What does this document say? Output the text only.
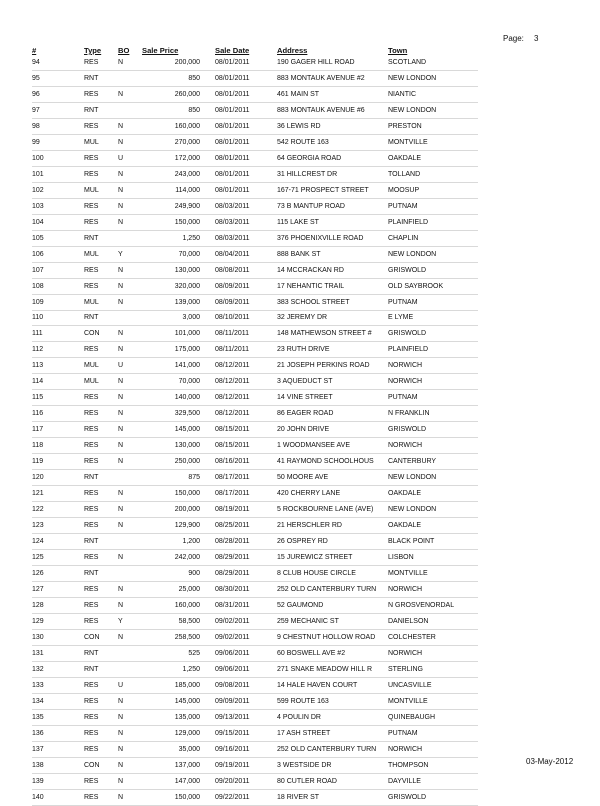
Page: 3
#	Type	BO	Sale Price		Sale Date		Address	Town
94	RES	N	200,000		08/01/2011		190 GAGER HILL ROAD	SCOTLAND
95	RNT		850		08/01/2011		883 MONTAUK AVENUE #2	NEW LONDON
96	RES	N	260,000		08/01/2011		461 MAIN ST	NIANTIC
97	RNT		850		08/01/2011		883 MONTAUK AVENUE #6	NEW LONDON
98	RES	N	160,000		08/01/2011		36 LEWIS RD	PRESTON
99	MUL	N	270,000		08/01/2011		542 ROUTE 163	MONTVILLE
100	RES	U	172,000		08/01/2011		64 GEORGIA ROAD	OAKDALE
101	RES	N	243,000		08/01/2011		31 HILLCREST DR	TOLLAND
102	MUL	N	114,000		08/01/2011		167-71 PROSPECT STREET	MOOSUP
103	RES	N	249,900		08/03/2011		73 B MANTUP ROAD	PUTNAM
104	RES	N	150,000		08/03/2011		115 LAKE ST	PLAINFIELD
105	RNT		1,250		08/03/2011		376 PHOENIXVILLE ROAD	CHAPLIN
106	MUL	Y	70,000		08/04/2011		888 BANK ST	NEW LONDON
107	RES	N	130,000		08/08/2011		14 MCCRACKAN RD	GRISWOLD
108	RES	N	320,000		08/09/2011		17 NEHANTIC TRAIL	OLD SAYBROOK
109	MUL	N	139,000		08/09/2011		383 SCHOOL STREET	PUTNAM
110	RNT		3,000		08/10/2011		32 JEREMY DR	E LYME
111	CON	N	101,000		08/11/2011		148 MATHEWSON STREET #	GRISWOLD
112	RES	N	175,000		08/11/2011		23 RUTH DRIVE	PLAINFIELD
113	MUL	U	141,000		08/12/2011		21 JOSEPH PERKINS ROAD	NORWICH
114	MUL	N	70,000		08/12/2011		3 AQUEDUCT ST	NORWICH
115	RES	N	140,000		08/12/2011		14 VINE STREET	PUTNAM
116	RES	N	329,500		08/12/2011		86 EAGER ROAD	N FRANKLIN
117	RES	N	145,000		08/15/2011		20 JOHN DRIVE	GRISWOLD
118	RES	N	130,000		08/15/2011		1 WOODMANSEE AVE	NORWICH
119	RES	N	250,000		08/16/2011		41 RAYMOND SCHOOLHOUS	CANTERBURY
120	RNT		875		08/17/2011		50 MOORE AVE	NEW LONDON
121	RES	N	150,000		08/17/2011		420 CHERRY LANE	OAKDALE
122	RES	N	200,000		08/19/2011		5 ROCKBOURNE LANE (AVE)	NEW LONDON
123	RES	N	129,900		08/25/2011		21 HERSCHLER RD	OAKDALE
124	RNT		1,200		08/28/2011		26 OSPREY RD	BLACK POINT
125	RES	N	242,000		08/29/2011		15 JUREWICZ STREET	LISBON
126	RNT		900		08/29/2011		8 CLUB HOUSE CIRCLE	MONTVILLE
127	RES	N	25,000		08/30/2011		252 OLD CANTERBURY TURN	NORWICH
128	RES	N	160,000		08/31/2011		52 GAUMOND	N GROSVENORDAL
129	RES	Y	58,500		09/02/2011		259 MECHANIC ST	DANIELSON
130	CON	N	258,500		09/02/2011		9 CHESTNUT HOLLOW ROAD	COLCHESTER
131	RNT		525		09/06/2011		60 BOSWELL AVE #2	NORWICH
132	RNT		1,250		09/06/2011		271 SNAKE MEADOW HILL R	STERLING
133	RES	U	185,000		09/08/2011		14 HALE HAVEN COURT	UNCASVILLE
134	RES	N	145,000		09/09/2011		599 ROUTE 163	MONTVILLE
135	RES	N	135,000		09/13/2011		4 POULIN DR	QUINEBAUGH
136	RES	N	129,000		09/15/2011		17 ASH STREET	PUTNAM
137	RES	N	35,000		09/16/2011		252 OLD CANTERBURY TURN	NORWICH
138	CON	N	137,000		09/19/2011		3 WESTSIDE DR	THOMPSON
139	RES	N	147,000		09/20/2011		80 CUTLER ROAD	DAYVILLE
140	RES	N	150,000		09/22/2011		18 RIVER ST	GRISWOLD
03-May-2012
